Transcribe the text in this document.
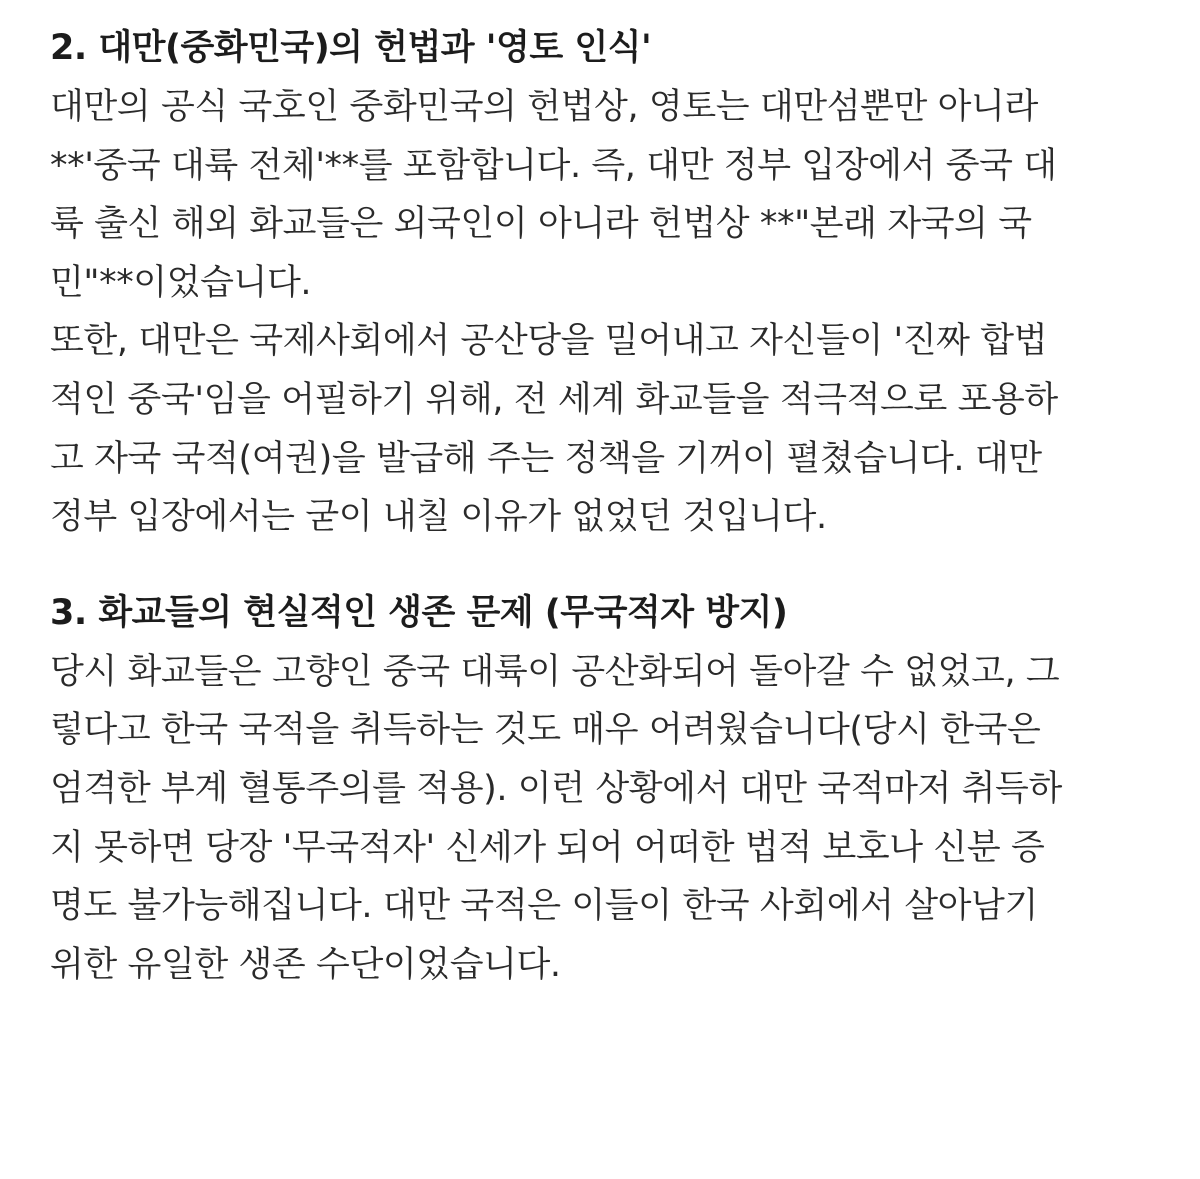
2. 대만(중화민국)의 헌법과 '영토 인식'

대만의 공식 국호인 중화민국의 헌법상, 영토는 대만섬뿐만 아니라
**'중국 대륙 전체'**를 포함합니다. 즉, 대만 정부 입장에서 중국 대
륙 출신 해외 화교들은 외국인이 아니라 헌법상 **"본래 자국의 국
민"**이었습니다.

또한, 대만은 국제사회에서 공산당을 밀어내고 자신들이 '진짜 합법
적인 중국'임을 어필하기 위해, 전 세계 화교들을 적극적으로 포용하
고 자국 국적(여권)을 발급해 주는 정책을 기꺼이 펼쳤습니다. 대만
정부 입장에서는 굳이 내칠 이유가 없었던 것입니다.

3. 화교들의 현실적인 생존 문제 (무국적자 방지)

당시 화교들은 고향인 중국 대륙이 공산화되어 돌아갈 수 없었고, 그
렇다고 한국 국적을 취득하는 것도 매우 어려웠습니다(당시 한국은
엄격한 부계 혈통주의를 적용). 이런 상황에서 대만 국적마저 취득하
지 못하면 당장 '무국적자' 신세가 되어 어떠한 법적 보호나 신분 증
명도 불가능해집니다. 대만 국적은 이들이 한국 사회에서 살아남기
위한 유일한 생존 수단이었습니다.
